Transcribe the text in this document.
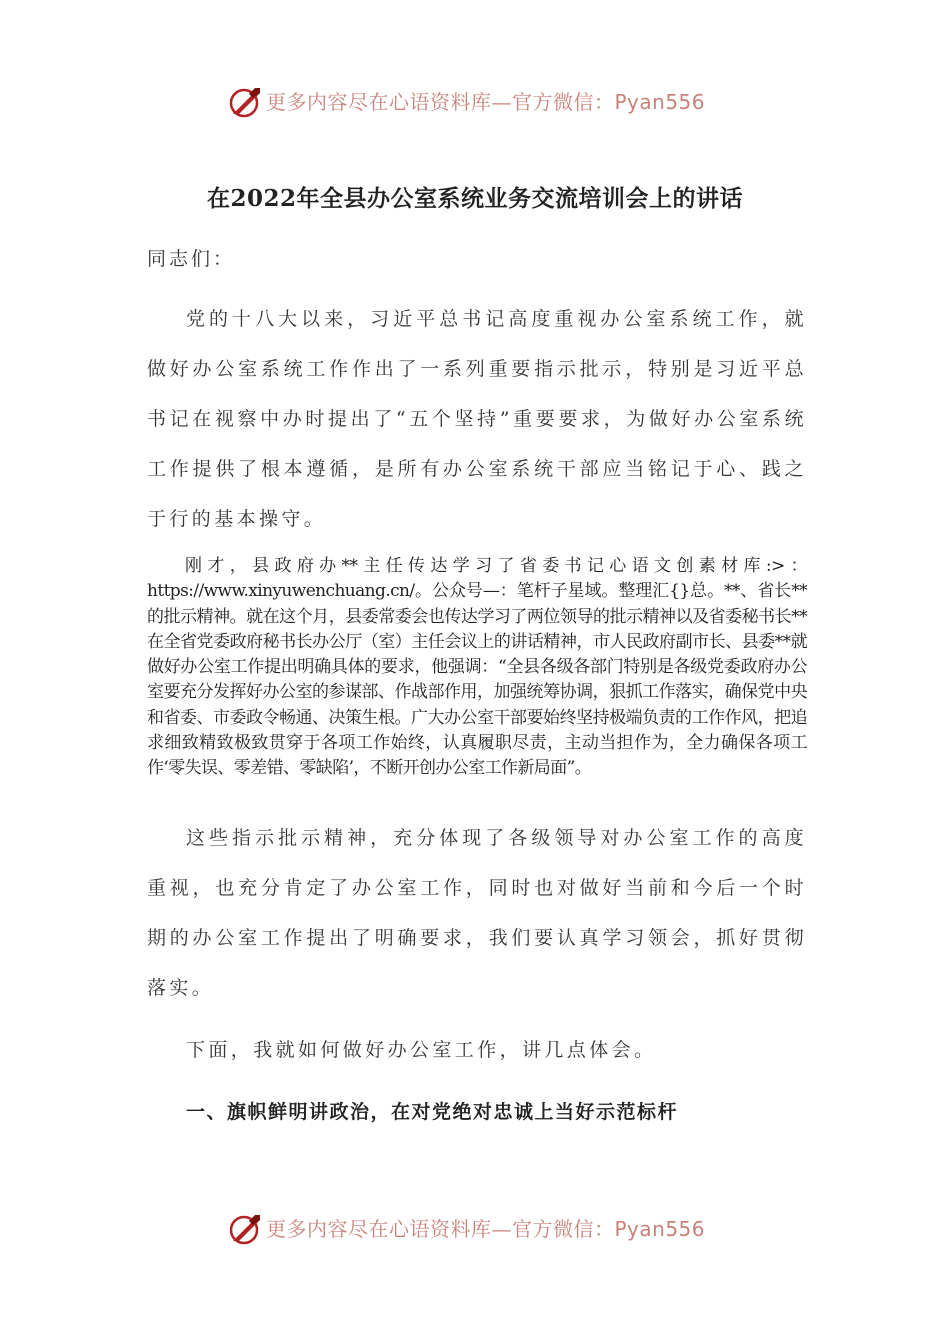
更多内容尽在心语资料库—官方微信：Pyan556
在2022年全县办公室系统业务交流培训会上的讲话
同志们：

党的十八大以来，习近平总书记高度重视办公室系统工作，就做好办公室系统工作作出了一系列重要指示批示，特别是习近平总书记在视察中办时提出了“五个坚持”重要要求，为做好办公室系统工作提供了根本遵循，是所有办公室系统干部应当铭记于心、践之于行的基本操守。

刚才，县政府办**主任传达学习了省委书记心语文创素材库:>：https://www.xinyuwenchuang.cn/。公众号—：笔杆子星域。整理汇{}总。**、省长**的批示精神。就在这个月，县委常委会也传达学习了两位领导的批示精神以及省委秘书长**在全省党委政府秘书长办公厅（室）主任会议上的讲话精神，市人民政府副市长、县委**就做好办公室工作提出明确具体的要求，他强调：“全县各级各部门特别是各级党委政府办公室要充分发挥好办公室的参谋部、作战部作用，加强统筹协调，狠抓工作落实，确保党中央和省委、市委政令畅通、决策生根。广大办公室干部要始终坚持极端负责的工作作风，把追求细致精致极致贯穿于各项工作始终，认真履职尽责，主动当担作为，全力确保各项工作‘零失误、零差错、零缺陷’，不断开创办公室工作新局面”。

这些指示批示精神，充分体现了各级领导对办公室工作的高度重视，也充分肯定了办公室工作，同时也对做好当前和今后一个时期的办公室工作提出了明确要求，我们要认真学习领会，抓好贯彻落实。

下面，我就如何做好办公室工作，讲几点体会。

一、旗帜鲜明讲政治，在对党绝对忠诚上当好示范标杆
更多内容尽在心语资料库—官方微信：Pyan556
